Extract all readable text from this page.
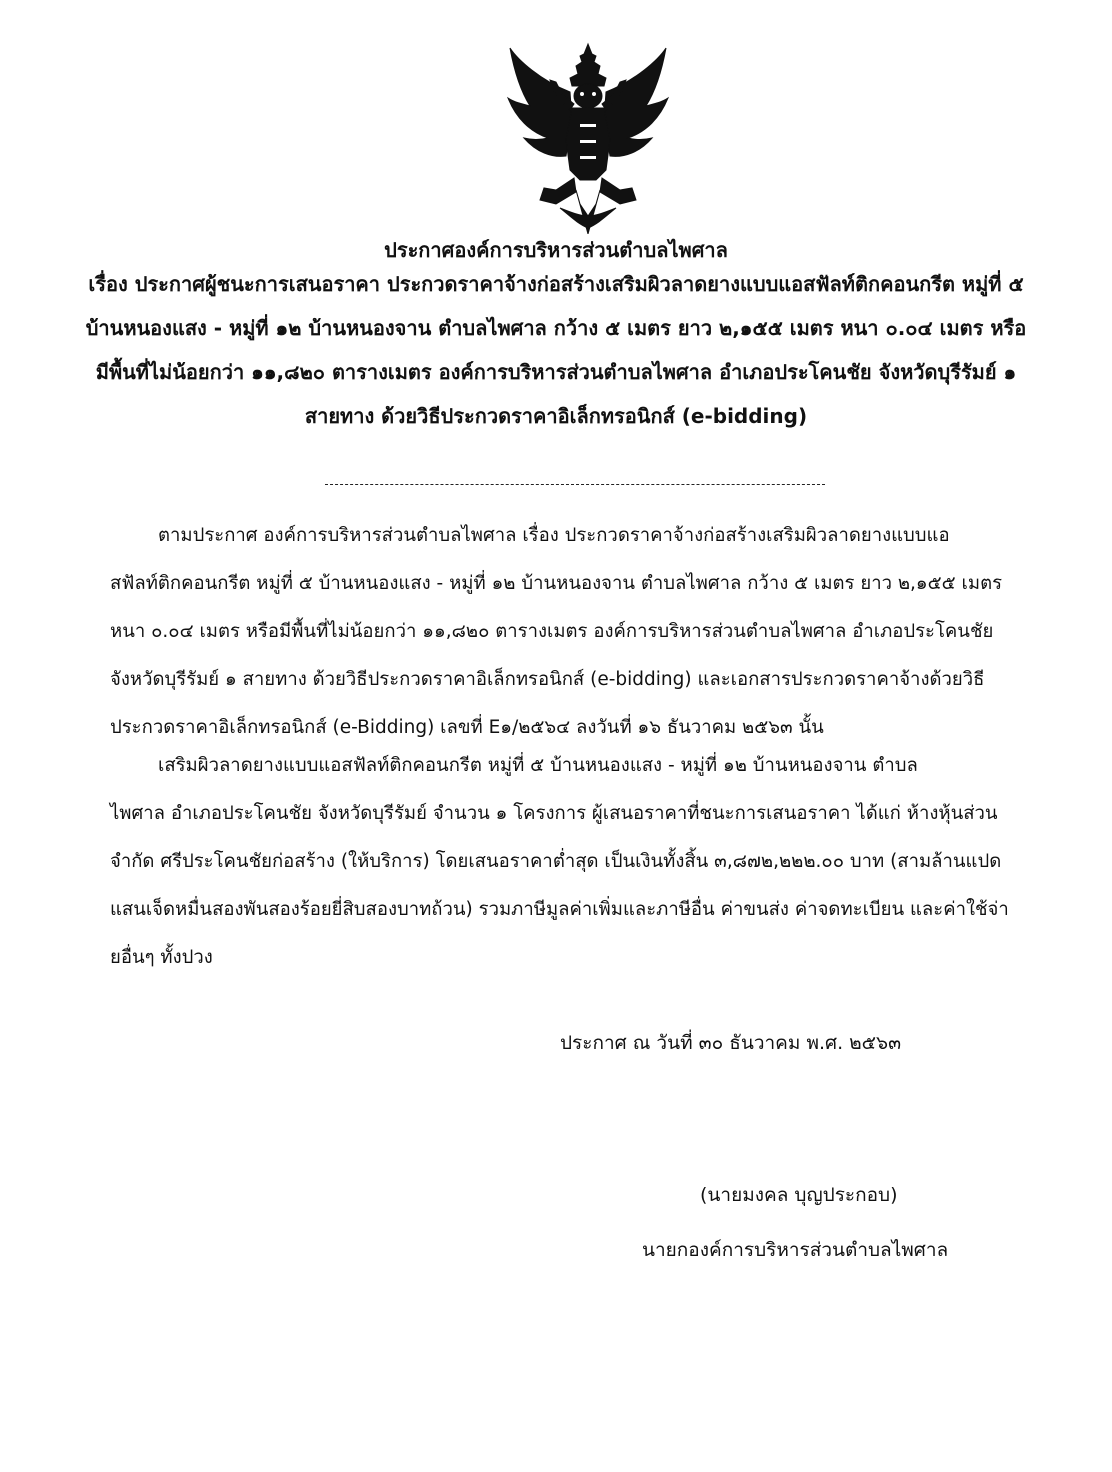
ประกาศองค์การบริหารส่วนตำบลไพศาล
เรื่อง ประกาศผู้ชนะการเสนอราคา ประกวดราคาจ้างก่อสร้างเสริมผิวลาดยางแบบแอสฟัลท์ติกคอนกรีต หมู่ที่ ๕
บ้านหนองแสง - หมู่ที่ ๑๒ บ้านหนองจาน ตำบลไพศาล กว้าง ๕ เมตร ยาว ๒,๑๕๕ เมตร หนา ๐.๐๔ เมตร หรือ
มีพื้นที่ไม่น้อยกว่า ๑๑,๘๒๐ ตารางเมตร องค์การบริหารส่วนตำบลไพศาล อำเภอประโคนชัย จังหวัดบุรีรัมย์ ๑
สายทาง ด้วยวิธีประกวดราคาอิเล็กทรอนิกส์ (e-bidding)
ตามประกาศ องค์การบริหารส่วนตำบลไพศาล เรื่อง ประกวดราคาจ้างก่อสร้างเสริมผิวลาดยางแบบแอ
สฟัลท์ติกคอนกรีต หมู่ที่ ๕ บ้านหนองแสง - หมู่ที่ ๑๒ บ้านหนองจาน ตำบลไพศาล กว้าง ๕ เมตร ยาว ๒,๑๕๕ เมตร
หนา ๐.๐๔ เมตร หรือมีพื้นที่ไม่น้อยกว่า ๑๑,๘๒๐ ตารางเมตร องค์การบริหารส่วนตำบลไพศาล อำเภอประโคนชัย
จังหวัดบุรีรัมย์ ๑ สายทาง ด้วยวิธีประกวดราคาอิเล็กทรอนิกส์ (e-bidding) และเอกสารประกวดราคาจ้างด้วยวิธี
ประกวดราคาอิเล็กทรอนิกส์ (e-Bidding) เลขที่ E๑/๒๕๖๔ ลงวันที่ ๑๖ ธันวาคม ๒๕๖๓ นั้น
เสริมผิวลาดยางแบบแอสฟัลท์ติกคอนกรีต หมู่ที่ ๕ บ้านหนองแสง - หมู่ที่ ๑๒ บ้านหนองจาน ตำบล
ไพศาล อำเภอประโคนชัย จังหวัดบุรีรัมย์ จำนวน ๑ โครงการ ผู้เสนอราคาที่ชนะการเสนอราคา ได้แก่ ห้างหุ้นส่วน
จำกัด ศรีประโคนชัยก่อสร้าง (ให้บริการ) โดยเสนอราคาต่ำสุด เป็นเงินทั้งสิ้น ๓,๘๗๒,๒๒๒.๐๐ บาท (สามล้านแปด
แสนเจ็ดหมื่นสองพันสองร้อยยี่สิบสองบาทถ้วน) รวมภาษีมูลค่าเพิ่มและภาษีอื่น ค่าขนส่ง ค่าจดทะเบียน และค่าใช้จ่า
ยอื่นๆ ทั้งปวง
ประกาศ ณ วันที่ ๓๐ ธันวาคม พ.ศ. ๒๕๖๓
(นายมงคล บุญประกอบ)
นายกองค์การบริหารส่วนตำบลไพศาล
